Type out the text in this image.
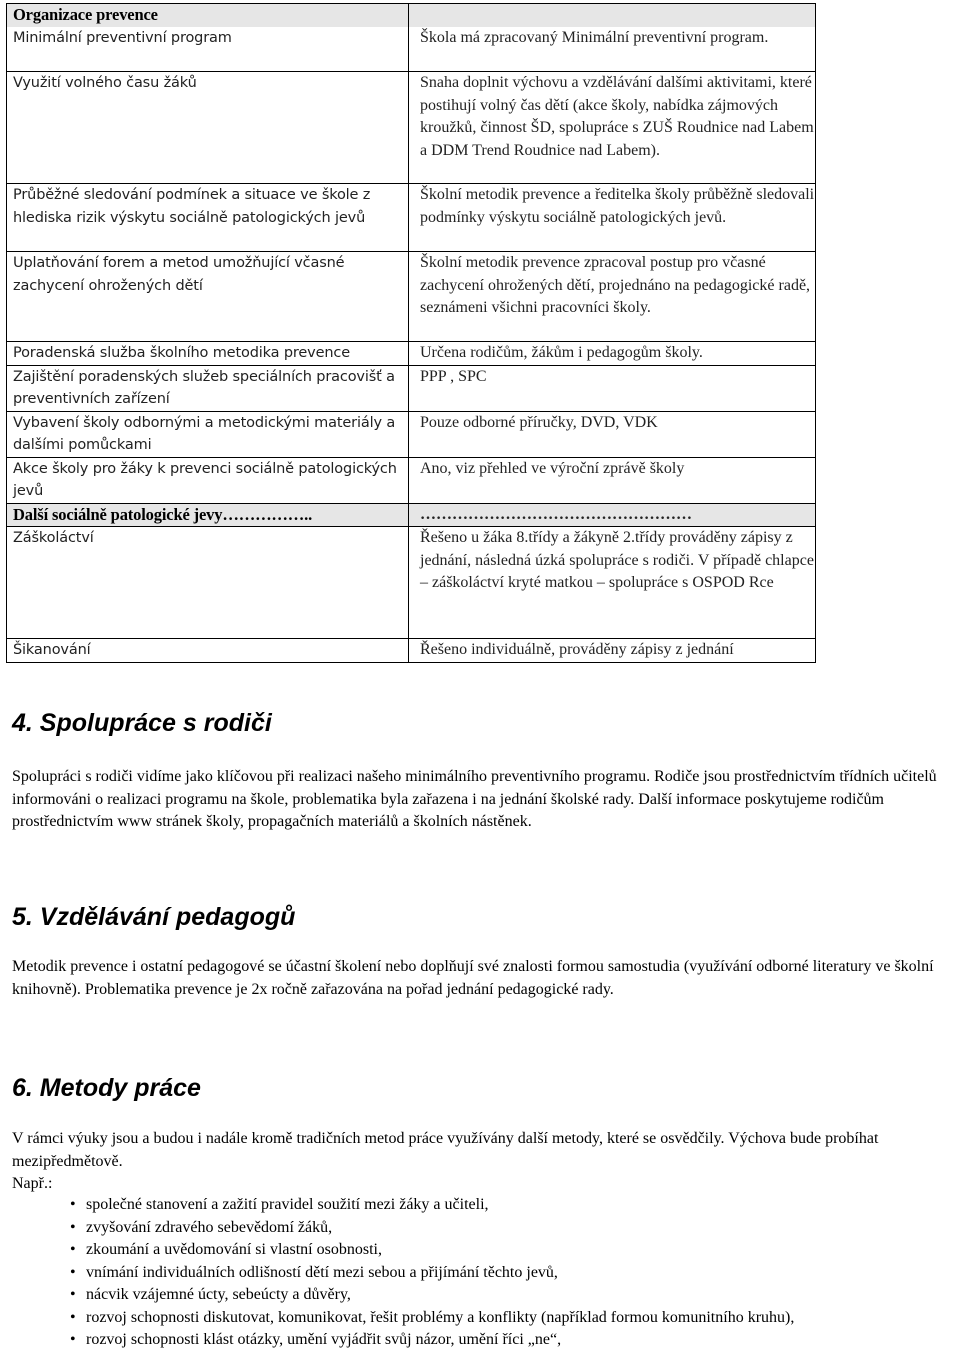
Organizace prevence	
Minimální preventivní program	Škola má zpracovaný Minimální preventivní program.
Využití volného času žáků	Snaha doplnit výchovu a vzdělávání dalšími aktivitami, které postihují volný čas dětí (akce školy, nabídka zájmových kroužků, činnost ŠD, spolupráce s ZUŠ Roudnice nad Labem a DDM Trend Roudnice nad Labem).
Průběžné sledování podmínek a situace ve škole z hlediska rizik výskytu sociálně patologických jevů	Školní metodik prevence a ředitelka školy průběžně sledovali podmínky výskytu sociálně patologických jevů.
Uplatňování forem a metod umožňující včasné zachycení ohrožených dětí	Školní metodik prevence zpracoval postup pro včasné zachycení ohrožených dětí, projednáno na pedagogické radě, seznámeni všichni pracovníci školy.
Poradenská služba školního metodika prevence	Určena rodičům, žákům i pedagogům školy.
Zajištění poradenských služeb speciálních pracovišť a preventivních zařízení	PPP , SPC
Vybavení školy odbornými a metodickými materiály a dalšími pomůckami	Pouze odborné příručky, DVD, VDK
Akce školy pro žáky k prevenci sociálně patologických jevů	Ano, viz přehled ve výroční zprávě školy
Další sociálně patologické jevy……………..	……………………………………………
Záškoláctví	Řešeno u žáka 8.třídy a žákyně 2.třídy prováděny zápisy z jednání, následná úzká spolupráce s rodiči. V případě chlapce – záškoláctví kryté matkou – spolupráce s OSPOD Rce
Šikanování	Řešeno individuálně, prováděny zápisy z jednání
4. Spolupráce s rodiči

Spolupráci s rodiči vidíme jako klíčovou při realizaci našeho minimálního preventivního programu. Rodiče jsou prostřednictvím třídních učitelů informováni o realizaci programu na škole, problematika byla zařazena i na jednání školské rady. Další informace poskytujeme rodičům prostřednictvím www stránek školy, propagačních materiálů a školních nástěnek.

5. Vzdělávání pedagogů

Metodik prevence i ostatní pedagogové se účastní školení nebo doplňují své znalosti formou samostudia (využívání odborné literatury ve školní knihovně). Problematika prevence je 2x ročně zařazována na pořad jednání pedagogické rady.

6. Metody práce

V rámci výuky jsou a budou i nadále kromě tradičních metod práce využívány další metody, které se osvědčily. Výchova bude probíhat mezipředmětově.

Např.:

• společné stanovení a zažití pravidel soužití mezi žáky a učiteli,
• zvyšování zdravého sebevědomí žáků,
• zkoumání a uvědomování si vlastní osobnosti,
• vnímání individuálních odlišností dětí mezi sebou a přijímání těchto jevů,
• nácvik vzájemné úcty, sebeúcty a důvěry,
• rozvoj schopnosti diskutovat, komunikovat, řešit problémy a konflikty (například formou komunitního kruhu),
• rozvoj schopnosti klást otázky, umění vyjádřit svůj názor, umění říci „ne“,
